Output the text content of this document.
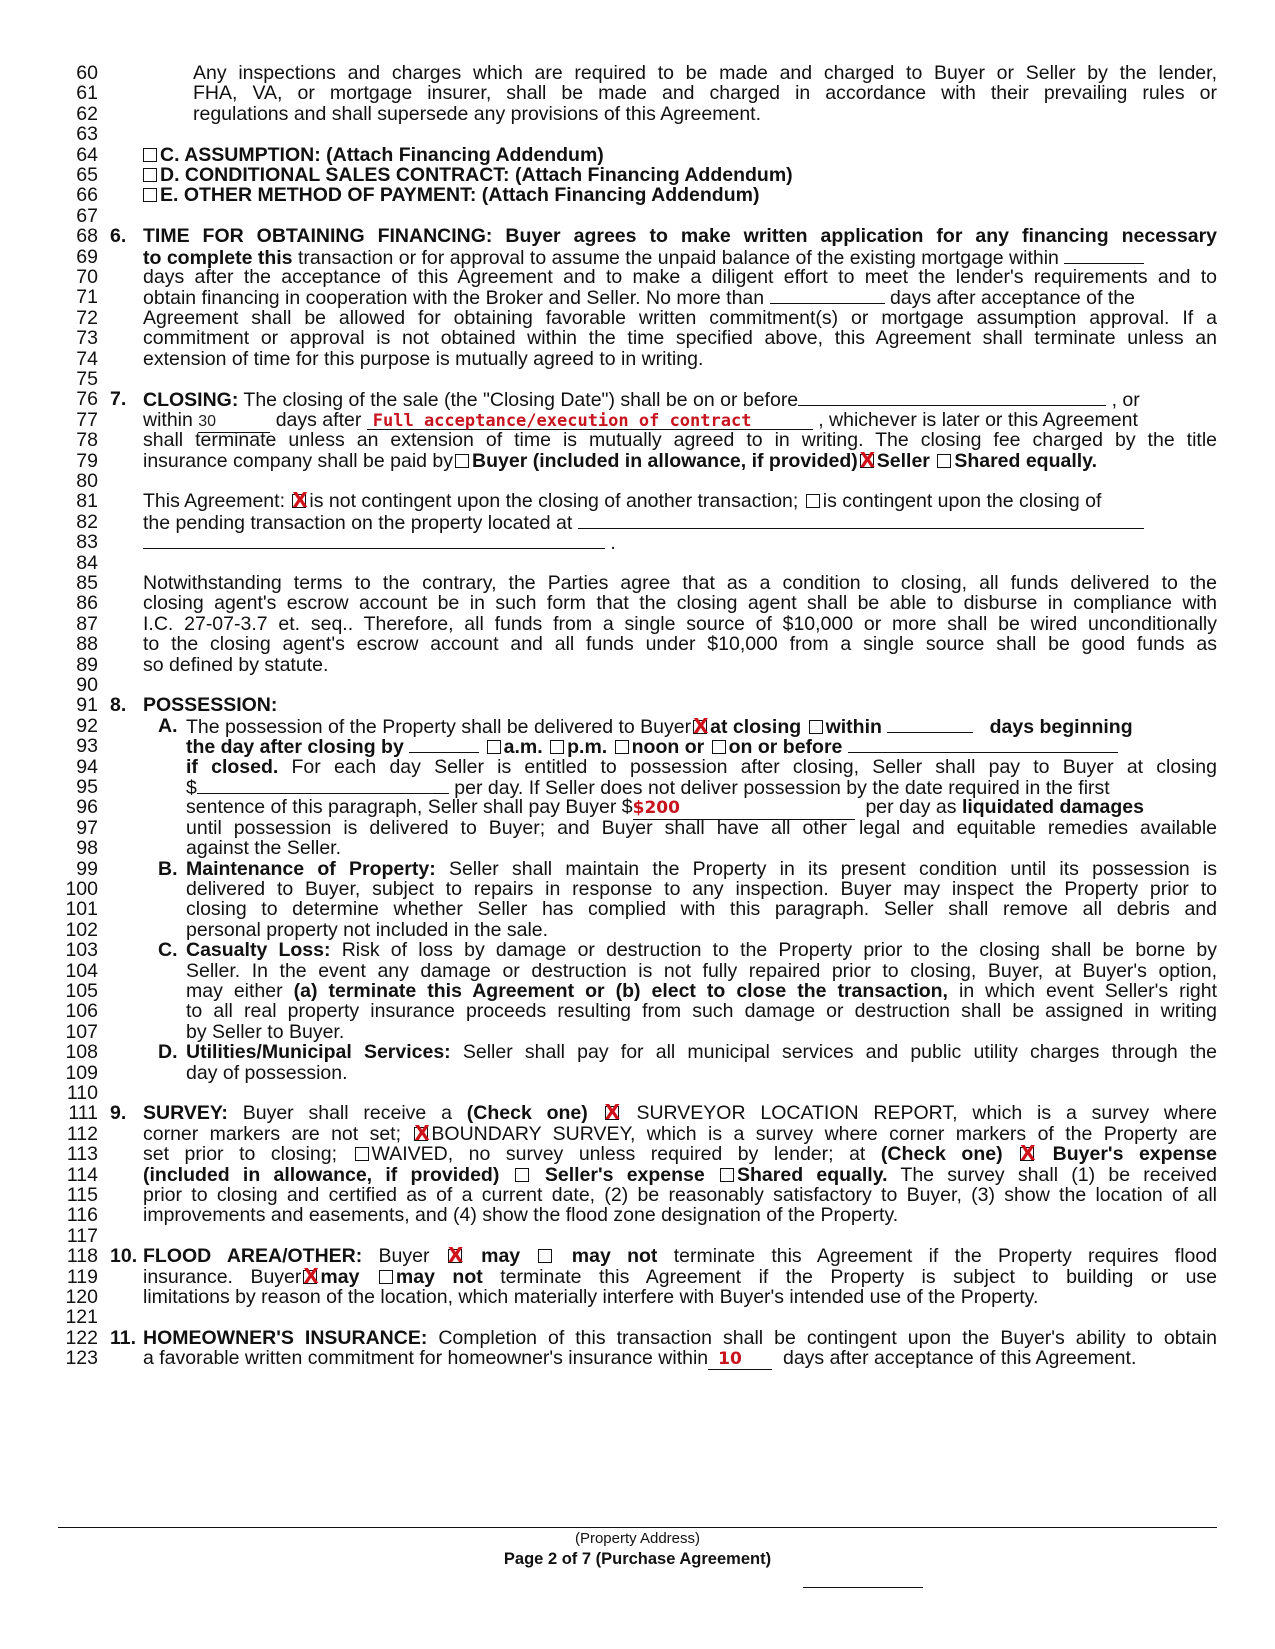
60	Any inspections and charges which are required to be made and charged to Buyer or Seller by the lender,
61	FHA, VA, or mortgage insurer, shall be made and charged in accordance with their prevailing rules or
62	regulations and shall supersede any provisions of this Agreement.
63
64	C. ASSUMPTION: (Attach Financing Addendum)
65	D. CONDITIONAL SALES CONTRACT: (Attach Financing Addendum)
66	E. OTHER METHOD OF PAYMENT: (Attach Financing Addendum)
67
68 6. TIME FOR OBTAINING FINANCING: Buyer agrees to make written application for any financing necessary
69 to complete this transaction or for approval to assume the unpaid balance of the existing mortgage within
70 days after the acceptance of this Agreement and to make a diligent effort to meet the lender's requirements and to
71 obtain financing in cooperation with the Broker and Seller. No more than	days after acceptance of the
72 Agreement shall be allowed for obtaining favorable written commitment(s) or mortgage assumption approval. If a
73 commitment or approval is not obtained within the time specified above, this Agreement shall terminate unless an
74 extension of time for this purpose is mutually agreed to in writing.
75
76 7. CLOSING: The closing of the sale (the "Closing Date") shall be on or before	, or
77 within 30	days after Full acceptance/execution of contract	, whichever is later or this Agreement
78 shall terminate unless an extension of time is mutually agreed to in writing. The closing fee charged by the title
79 insurance company shall be paid by Buyer (included in allowance, if provided) X Seller Shared equally.
80
81 This Agreement: X is not contingent upon the closing of another transaction; is contingent upon the closing of
82 the pending transaction on the property located at
83	.
84
85 Notwithstanding terms to the contrary, the Parties agree that as a condition to closing, all funds delivered to the
86 closing agent's escrow account be in such form that the closing agent shall be able to disburse in compliance with
87 I.C. 27-07-3.7 et. seq.. Therefore, all funds from a single source of $10,000 or more shall be wired unconditionally
88 to the closing agent's escrow account and all funds under $10,000 from a single source shall be good funds as
89 so defined by statute.
90
91 8. POSSESSION:
92	A. The possession of the Property shall be delivered to Buyer X at closing within	days beginning
93	the day after closing by	a.m. p.m. noon or on or before
94	if closed. For each day Seller is entitled to possession after closing, Seller shall pay to Buyer at closing
95	$	per day. If Seller does not deliver possession by the date required in the first
96	sentence of this paragraph, Seller shall pay Buyer $$200	per day as liquidated damages
97	until possession is delivered to Buyer; and Buyer shall have all other legal and equitable remedies available
98	against the Seller.
99	B. Maintenance of Property: Seller shall maintain the Property in its present condition until its possession is
100	delivered to Buyer, subject to repairs in response to any inspection. Buyer may inspect the Property prior to
101	closing to determine whether Seller has complied with this paragraph. Seller shall remove all debris and
102	personal property not included in the sale.
103	C. Casualty Loss: Risk of loss by damage or destruction to the Property prior to the closing shall be borne by
104	Seller. In the event any damage or destruction is not fully repaired prior to closing, Buyer, at Buyer's option,
105	may either (a) terminate this Agreement or (b) elect to close the transaction, in which event Seller's right
106	to all real property insurance proceeds resulting from such damage or destruction shall be assigned in writing
107	by Seller to Buyer.
108	D. Utilities/Municipal Services: Seller shall pay for all municipal services and public utility charges through the
109	day of possession.
110
111 9. SURVEY: Buyer shall receive a (Check one) X SURVEYOR LOCATION REPORT, which is a survey where
112 corner markers are not set; X BOUNDARY SURVEY, which is a survey where corner markers of the Property are
113 set prior to closing; WAIVED, no survey unless required by lender; at (Check one) X	Buyer's expense
114 (included in allowance, if provided) Seller's expense Shared equally. The survey shall (1) be received
115 prior to closing and certified as of a current date, (2) be reasonably satisfactory to Buyer, (3) show the location of all
116 improvements and easements, and (4) show the flood zone designation of the Property.
117
118 10. FLOOD AREA/OTHER: Buyer X	may	may not terminate this Agreement if the Property requires flood
119 insurance. Buyer X may may not terminate this Agreement if the Property is subject to building or use
120 limitations by reason of the location, which materially interfere with Buyer's intended use of the Property.
121
122 11. HOMEOWNER'S INSURANCE: Completion of this transaction shall be contingent upon the Buyer's ability to obtain
123 a favorable written commitment for homeowner's insurance within 10 days after acceptance of this Agreement.
(Property Address)
Page 2 of 7 (Purchase Agreement)
